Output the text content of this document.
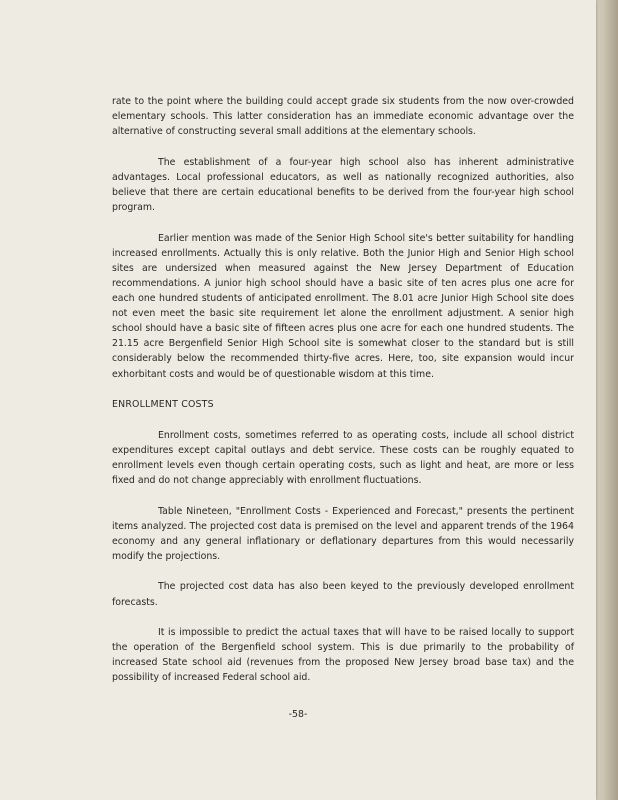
rate to the point where the building could accept grade six students from the now over-crowded elementary schools. This latter consideration has an immediate economic advantage over the alternative of constructing several small additions at the elementary schools.

The establishment of a four-year high school also has inherent administrative advantages. Local professional educators, as well as nationally recognized authorities, also believe that there are certain educational benefits to be derived from the four-year high school program.

Earlier mention was made of the Senior High School site's better suitability for handling increased enrollments. Actually this is only relative. Both the Junior High and Senior High school sites are undersized when measured against the New Jersey Department of Education recommendations. A junior high school should have a basic site of ten acres plus one acre for each one hundred students of anticipated enrollment. The 8.01 acre Junior High School site does not even meet the basic site requirement let alone the enrollment adjustment. A senior high school should have a basic site of fifteen acres plus one acre for each one hundred students. The 21.15 acre Bergenfield Senior High School site is somewhat closer to the standard but is still considerably below the recommended thirty-five acres. Here, too, site expansion would incur exhorbitant costs and would be of questionable wisdom at this time.

ENROLLMENT COSTS

Enrollment costs, sometimes referred to as operating costs, include all school district expenditures except capital outlays and debt service. These costs can be roughly equated to enrollment levels even though certain operating costs, such as light and heat, are more or less fixed and do not change appreciably with enrollment fluctuations.

Table Nineteen, "Enrollment Costs - Experienced and Forecast," presents the pertinent items analyzed. The projected cost data is premised on the level and apparent trends of the 1964 economy and any general inflationary or deflationary departures from this would necessarily modify the projections.

The projected cost data has also been keyed to the previously developed enrollment forecasts.

It is impossible to predict the actual taxes that will have to be raised locally to support the operation of the Bergenfield school system. This is due primarily to the probability of increased State school aid (revenues from the proposed New Jersey broad base tax) and the possibility of increased Federal school aid.

-58-
